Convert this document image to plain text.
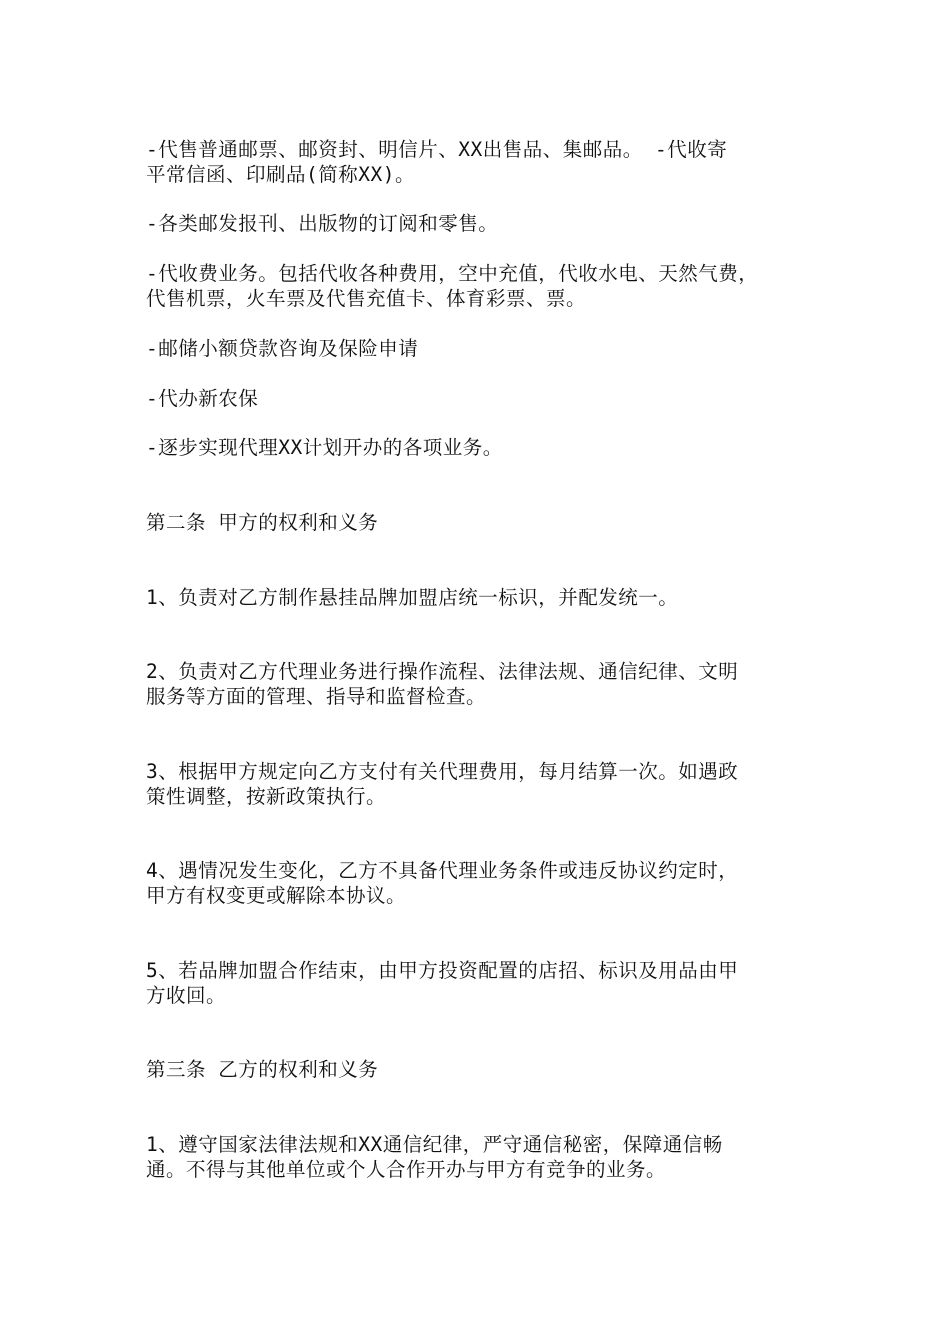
-代售普通邮票、邮资封、明信片、XX出售品、集邮品。 -代收寄
平常信函、印刷品(简称XX)。

-各类邮发报刊、出版物的订阅和零售。

-代收费业务。包括代收各种费用，空中充值，代收水电、天然气费，
代售机票，火车票及代售充值卡、体育彩票、票。

-邮储小额贷款咨询及保险申请

-代办新农保

-逐步实现代理XX计划开办的各项业务。

第二条 甲方的权利和义务

1、负责对乙方制作悬挂品牌加盟店统一标识，并配发统一。

2、负责对乙方代理业务进行操作流程、法律法规、通信纪律、文明
服务等方面的管理、指导和监督检查。

3、根据甲方规定向乙方支付有关代理费用，每月结算一次。如遇政
策性调整，按新政策执行。

4、遇情况发生变化，乙方不具备代理业务条件或违反协议约定时，
甲方有权变更或解除本协议。

5、若品牌加盟合作结束，由甲方投资配置的店招、标识及用品由甲
方收回。

第三条 乙方的权利和义务

1、遵守国家法律法规和XX通信纪律，严守通信秘密，保障通信畅
通。不得与其他单位或个人合作开办与甲方有竞争的业务。
